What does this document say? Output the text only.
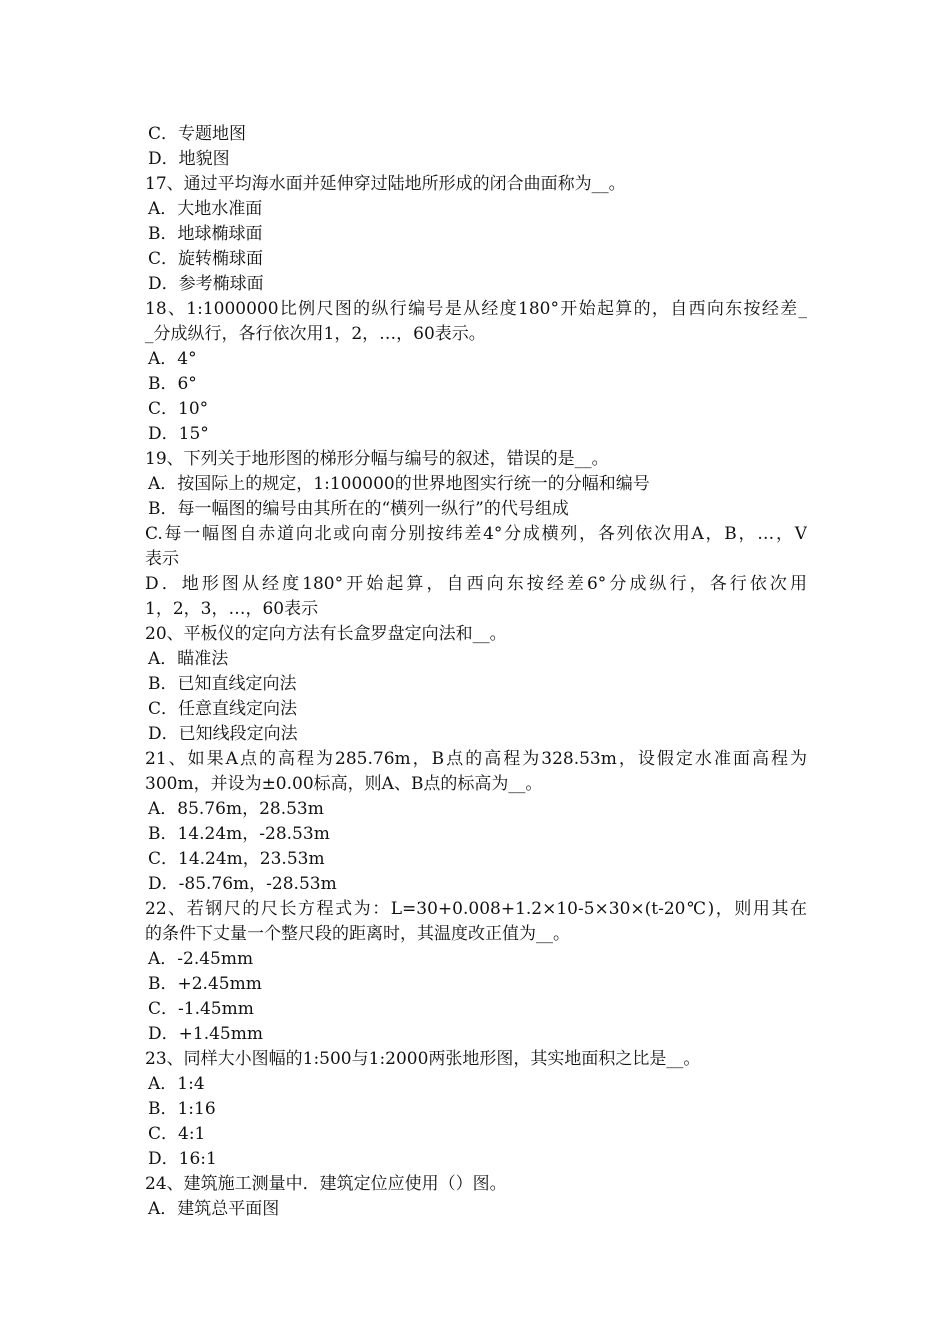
C．专题地图
D．地貌图
17、通过平均海水面并延伸穿过陆地所形成的闭合曲面称为__。
A．大地水准面
B．地球椭球面
C．旋转椭球面
D．参考椭球面
18、1:1000000比例尺图的纵行编号是从经度180°开始起算的，自西向东按经差_
_分成纵行，各行依次用1，2，…，60表示。
A．4°
B．6°
C．10°
D．15°
19、下列关于地形图的梯形分幅与编号的叙述，错误的是__。
A．按国际上的规定，1:100000的世界地图实行统一的分幅和编号
B．每一幅图的编号由其所在的“横列一纵行”的代号组成
C.每一幅图自赤道向北或向南分别按纬差4°分成横列，各列依次用A，B，…，V
表示
D．地形图从经度180°开始起算，自西向东按经差6°分成纵行，各行依次用
1，2，3，…，60表示
20、平板仪的定向方法有长盒罗盘定向法和__。
A．瞄准法
B．已知直线定向法
C．任意直线定向法
D．已知线段定向法
21、如果A点的高程为285.76m，B点的高程为328.53m，设假定水准面高程为
300m，并设为±0.00标高，则A、B点的标高为__。
A．85.76m，28.53m
B．14.24m，-28.53m
C．14.24m，23.53m
D．-85.76m，-28.53m
22、若钢尺的尺长方程式为：L=30+0.008+1.2×10-5×30×(t-20℃)，则用其在
的条件下丈量一个整尺段的距离时，其温度改正值为__。
A．-2.45mm
B．+2.45mm
C．-1.45mm
D．+1.45mm
23、同样大小图幅的1:500与1:2000两张地形图，其实地面积之比是__。
A．1:4
B．1:16
C．4:1
D．16:1
24、建筑施工测量中．建筑定位应使用（）图。
A．建筑总平面图
